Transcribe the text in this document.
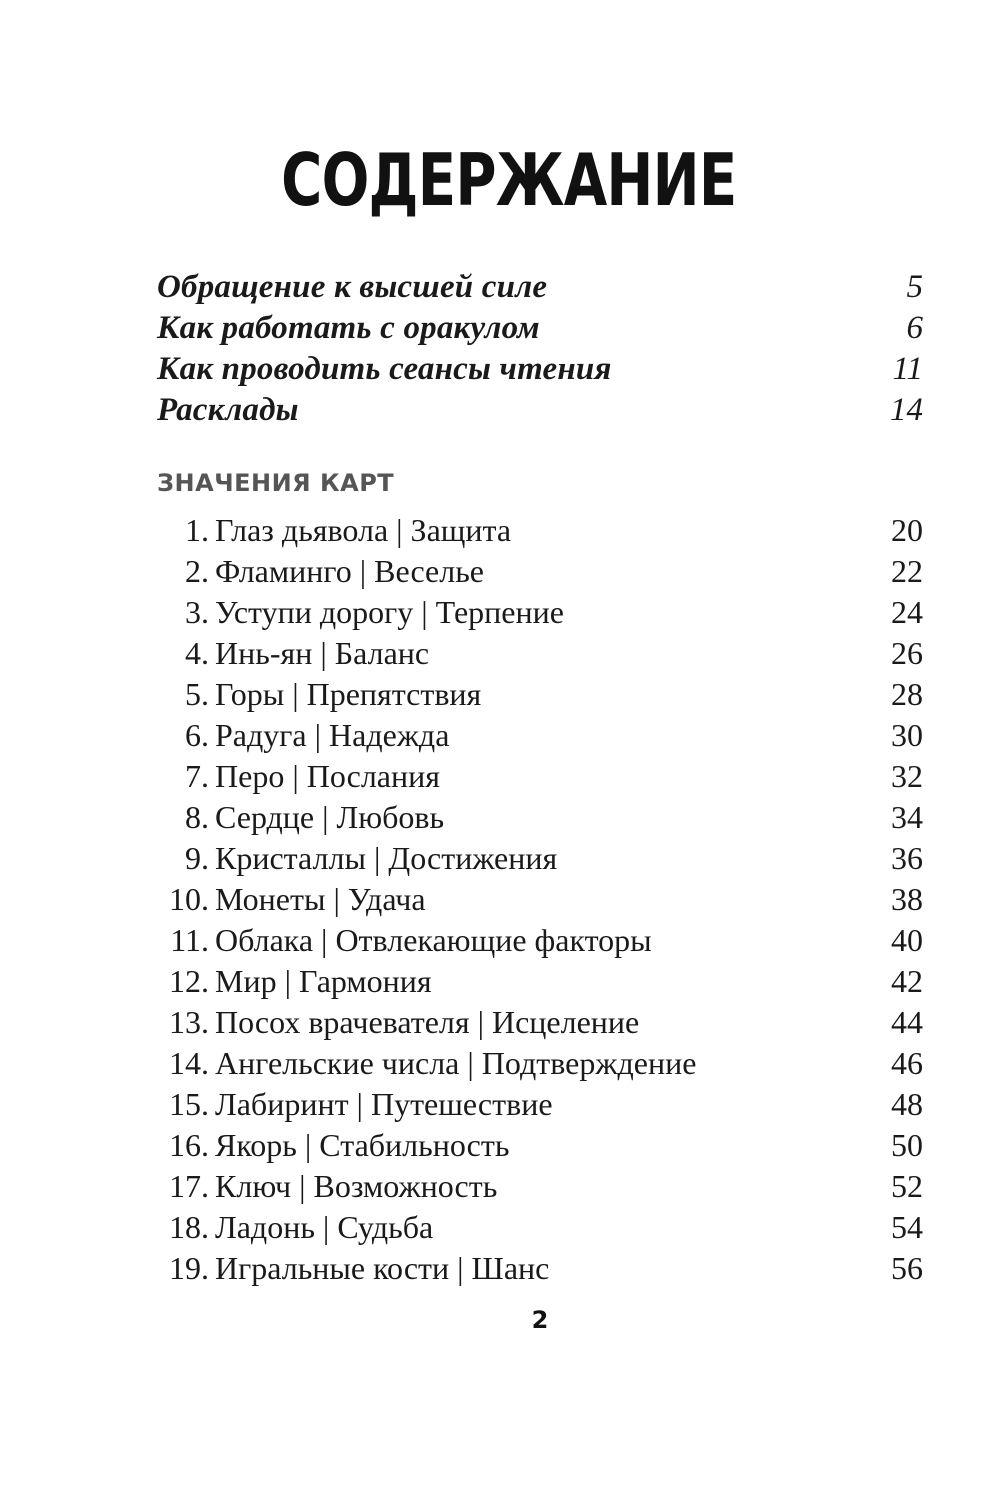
СОДЕРЖАНИЕ
Обращение к высшей силе	5
Как работать с оракулом	6
Как проводить сеансы чтения	11
Расклады	14
ЗНАЧЕНИЯ КАРТ
1. Глаз дьявола | Защита	20
2. Фламинго | Веселье	22
3. Уступи дорогу | Терпение	24
4. Инь-ян | Баланс	26
5. Горы | Препятствия	28
6. Радуга | Надежда	30
7. Перо | Послания	32
8. Сердце | Любовь	34
9. Кристаллы | Достижения	36
10. Монеты | Удача	38
11. Облака | Отвлекающие факторы	40
12. Мир | Гармония	42
13. Посох врачевателя | Исцеление	44
14. Ангельские числа | Подтверждение	46
15. Лабиринт | Путешествие	48
16. Якорь | Стабильность	50
17. Ключ | Возможность	52
18. Ладонь | Судьба	54
19. Игральные кости | Шанс	56
2
